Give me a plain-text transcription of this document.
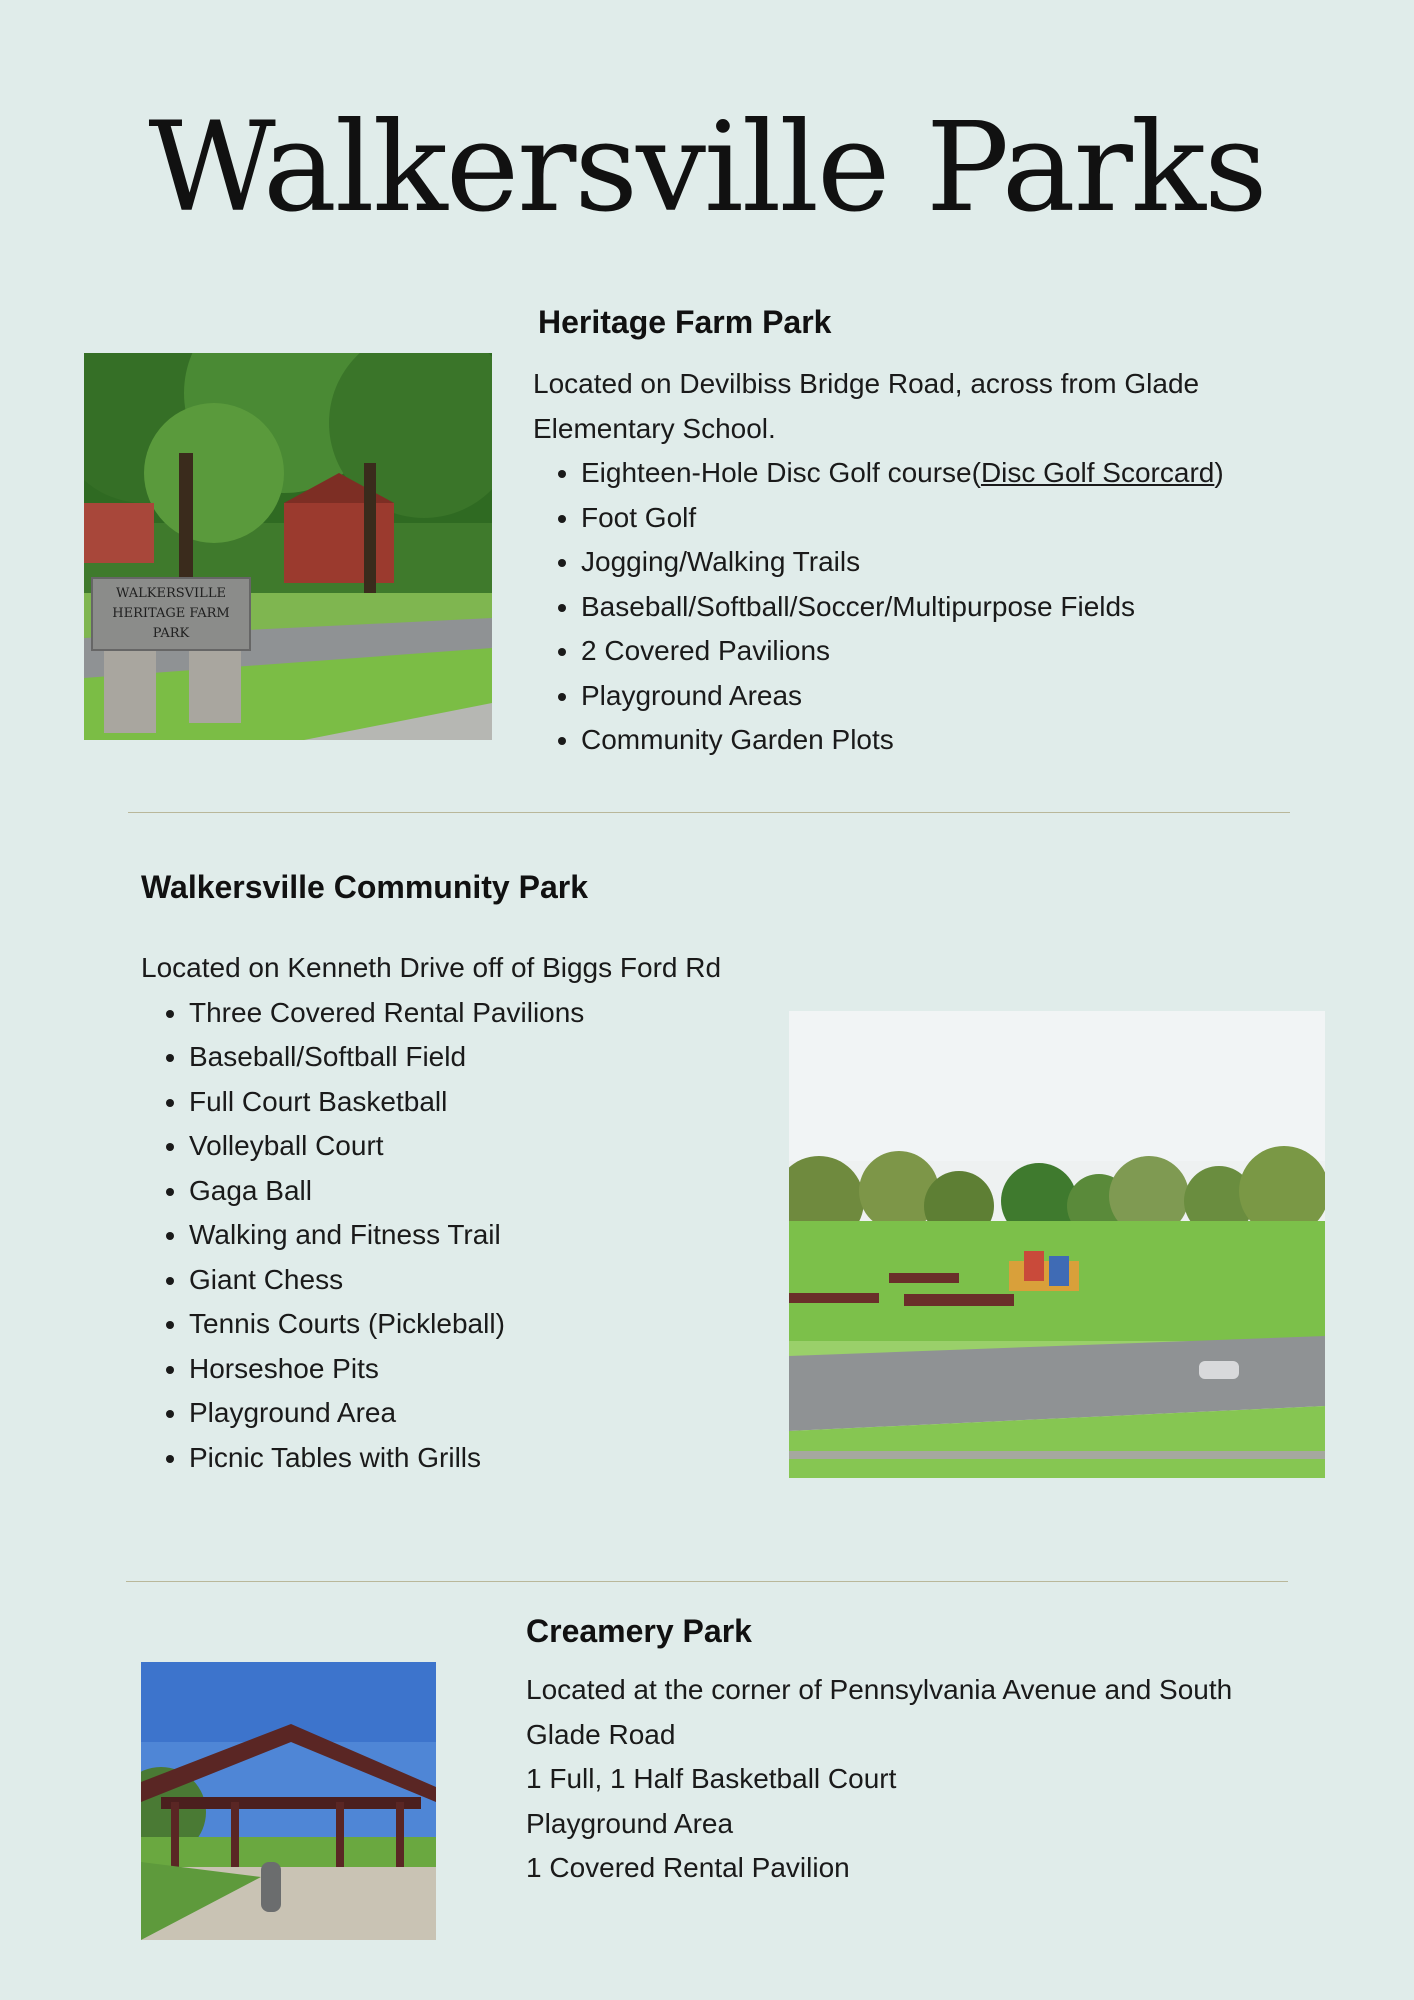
Walkersville Parks
WALKERSVILLE
HERITAGE FARM PARK
Heritage Farm Park

Located on Devilbiss Bridge Road, across from Glade Elementary School.

• Eighteen-Hole Disc Golf course(Disc Golf Scorcard)
• Foot Golf
• Jogging/Walking Trails
• Baseball/Softball/Soccer/Multipurpose Fields
• 2 Covered Pavilions
• Playground Areas
• Community Garden Plots
Walkersville Community Park

Located on Kenneth Drive off of Biggs Ford Rd

• Three Covered Rental Pavilions
• Baseball/Softball Field
• Full Court Basketball
• Volleyball Court
• Gaga Ball
• Walking and Fitness Trail
• Giant Chess
• Tennis Courts (Pickleball)
• Horseshoe Pits
• Playground Area
• Picnic Tables with Grills
Creamery Park

Located at the corner of Pennsylvania Avenue and South Glade Road

1 Full, 1 Half Basketball Court

Playground Area

1 Covered Rental Pavilion
